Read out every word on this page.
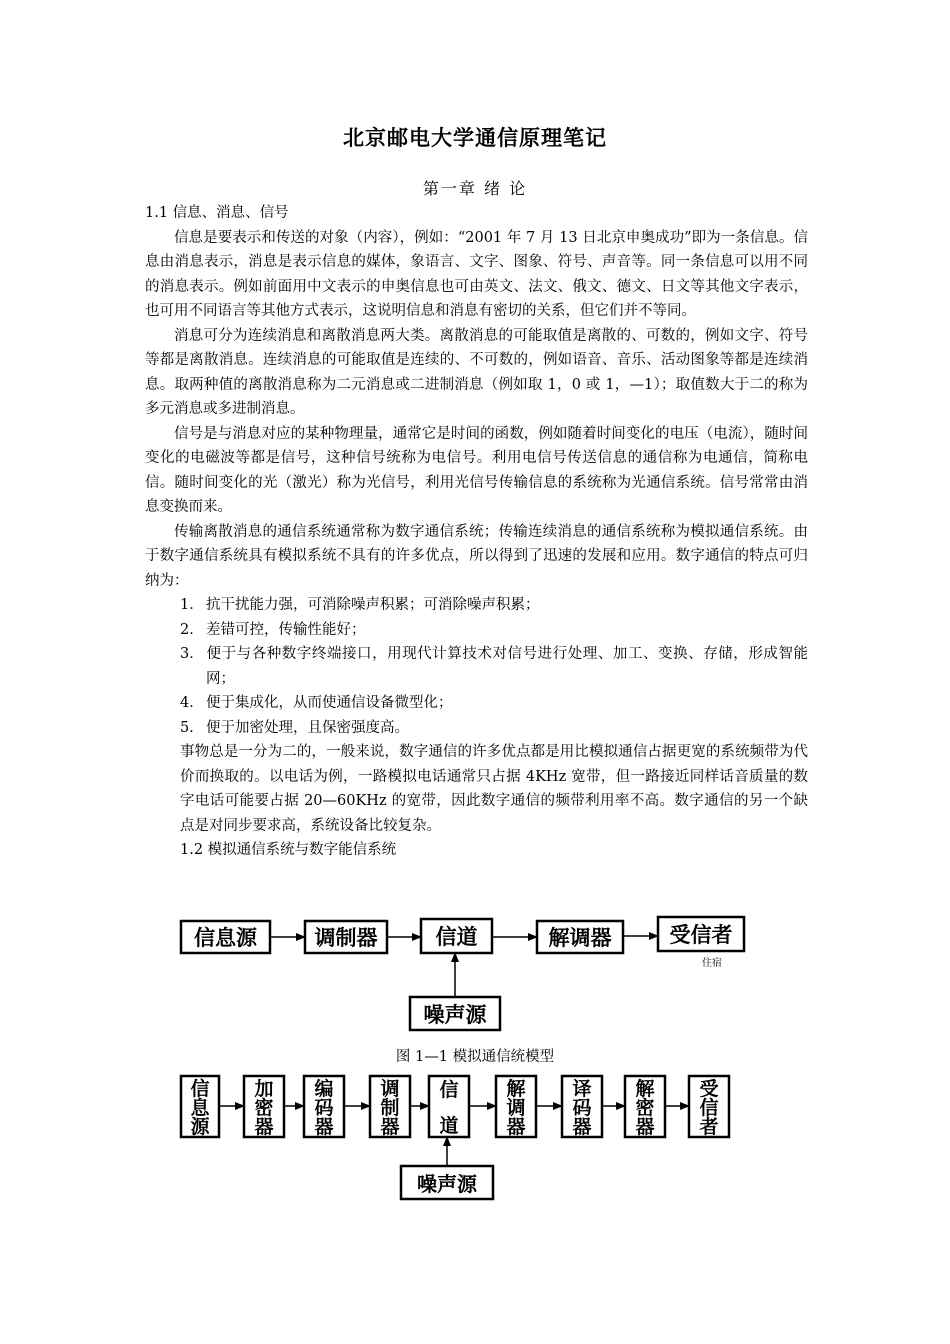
北京邮电大学通信原理笔记
第一章 绪 论

1.1 信息、消息、信号

信息是要表示和传送的对象（内容），例如：“2001 年 7 月 13 日北京申奥成功”即为一条信息。信息由消息表示，消息是表示信息的媒体，象语言、文字、图象、符号、声音等。同一条信息可以用不同的消息表示。例如前面用中文表示的申奥信息也可由英文、法文、俄文、德文、日文等其他文字表示，也可用不同语言等其他方式表示，这说明信息和消息有密切的关系，但它们并不等同。

消息可分为连续消息和离散消息两大类。离散消息的可能取值是离散的、可数的，例如文字、符号等都是离散消息。连续消息的可能取值是连续的、不可数的，例如语音、音乐、活动图象等都是连续消息。取两种值的离散消息称为二元消息或二进制消息（例如取 1，0 或 1，—1）；取值数大于二的称为多元消息或多进制消息。

信号是与消息对应的某种物理量，通常它是时间的函数，例如随着时间变化的电压（电流），随时间变化的电磁波等都是信号，这种信号统称为电信号。利用电信号传送信息的通信称为电通信，简称电信。随时间变化的光（激光）称为光信号，利用光信号传输信息的系统称为光通信系统。信号常常由消息变换而来。

传输离散消息的通信系统通常称为数字通信系统；传输连续消息的通信系统称为模拟通信系统。由于数字通信系统具有模拟系统不具有的许多优点，所以得到了迅速的发展和应用。数字通信的特点可归纳为：

1． 抗干扰能力强，可消除噪声积累；可消除噪声积累；
2． 差错可控，传输性能好；
3． 便于与各种数字终端接口，用现代计算技术对信号进行处理、加工、变换、存储，形成智能网；
4． 便于集成化，从而使通信设备微型化；
5． 便于加密处理，且保密强度高。

事物总是一分为二的，一般来说，数字通信的许多优点都是用比模拟通信占据更宽的系统频带为代价而换取的。以电话为例，一路模拟电话通常只占据 4KHz 宽带，但一路接近同样话音质量的数字电话可能要占据 20—60KHz 的宽带，因此数字通信的频带利用率不高。数字通信的另一个缺点是对同步要求高，系统设备比较复杂。

1.2 模拟通信系统与数字能信系统

信息源	调制器	信道	解调器	受信者
住宿
噪声源
信息源
加密器
编码器
调制器
信道
解调器
译码器
解密器
受信者
噪声源
图 1—1 模拟通信统模型
